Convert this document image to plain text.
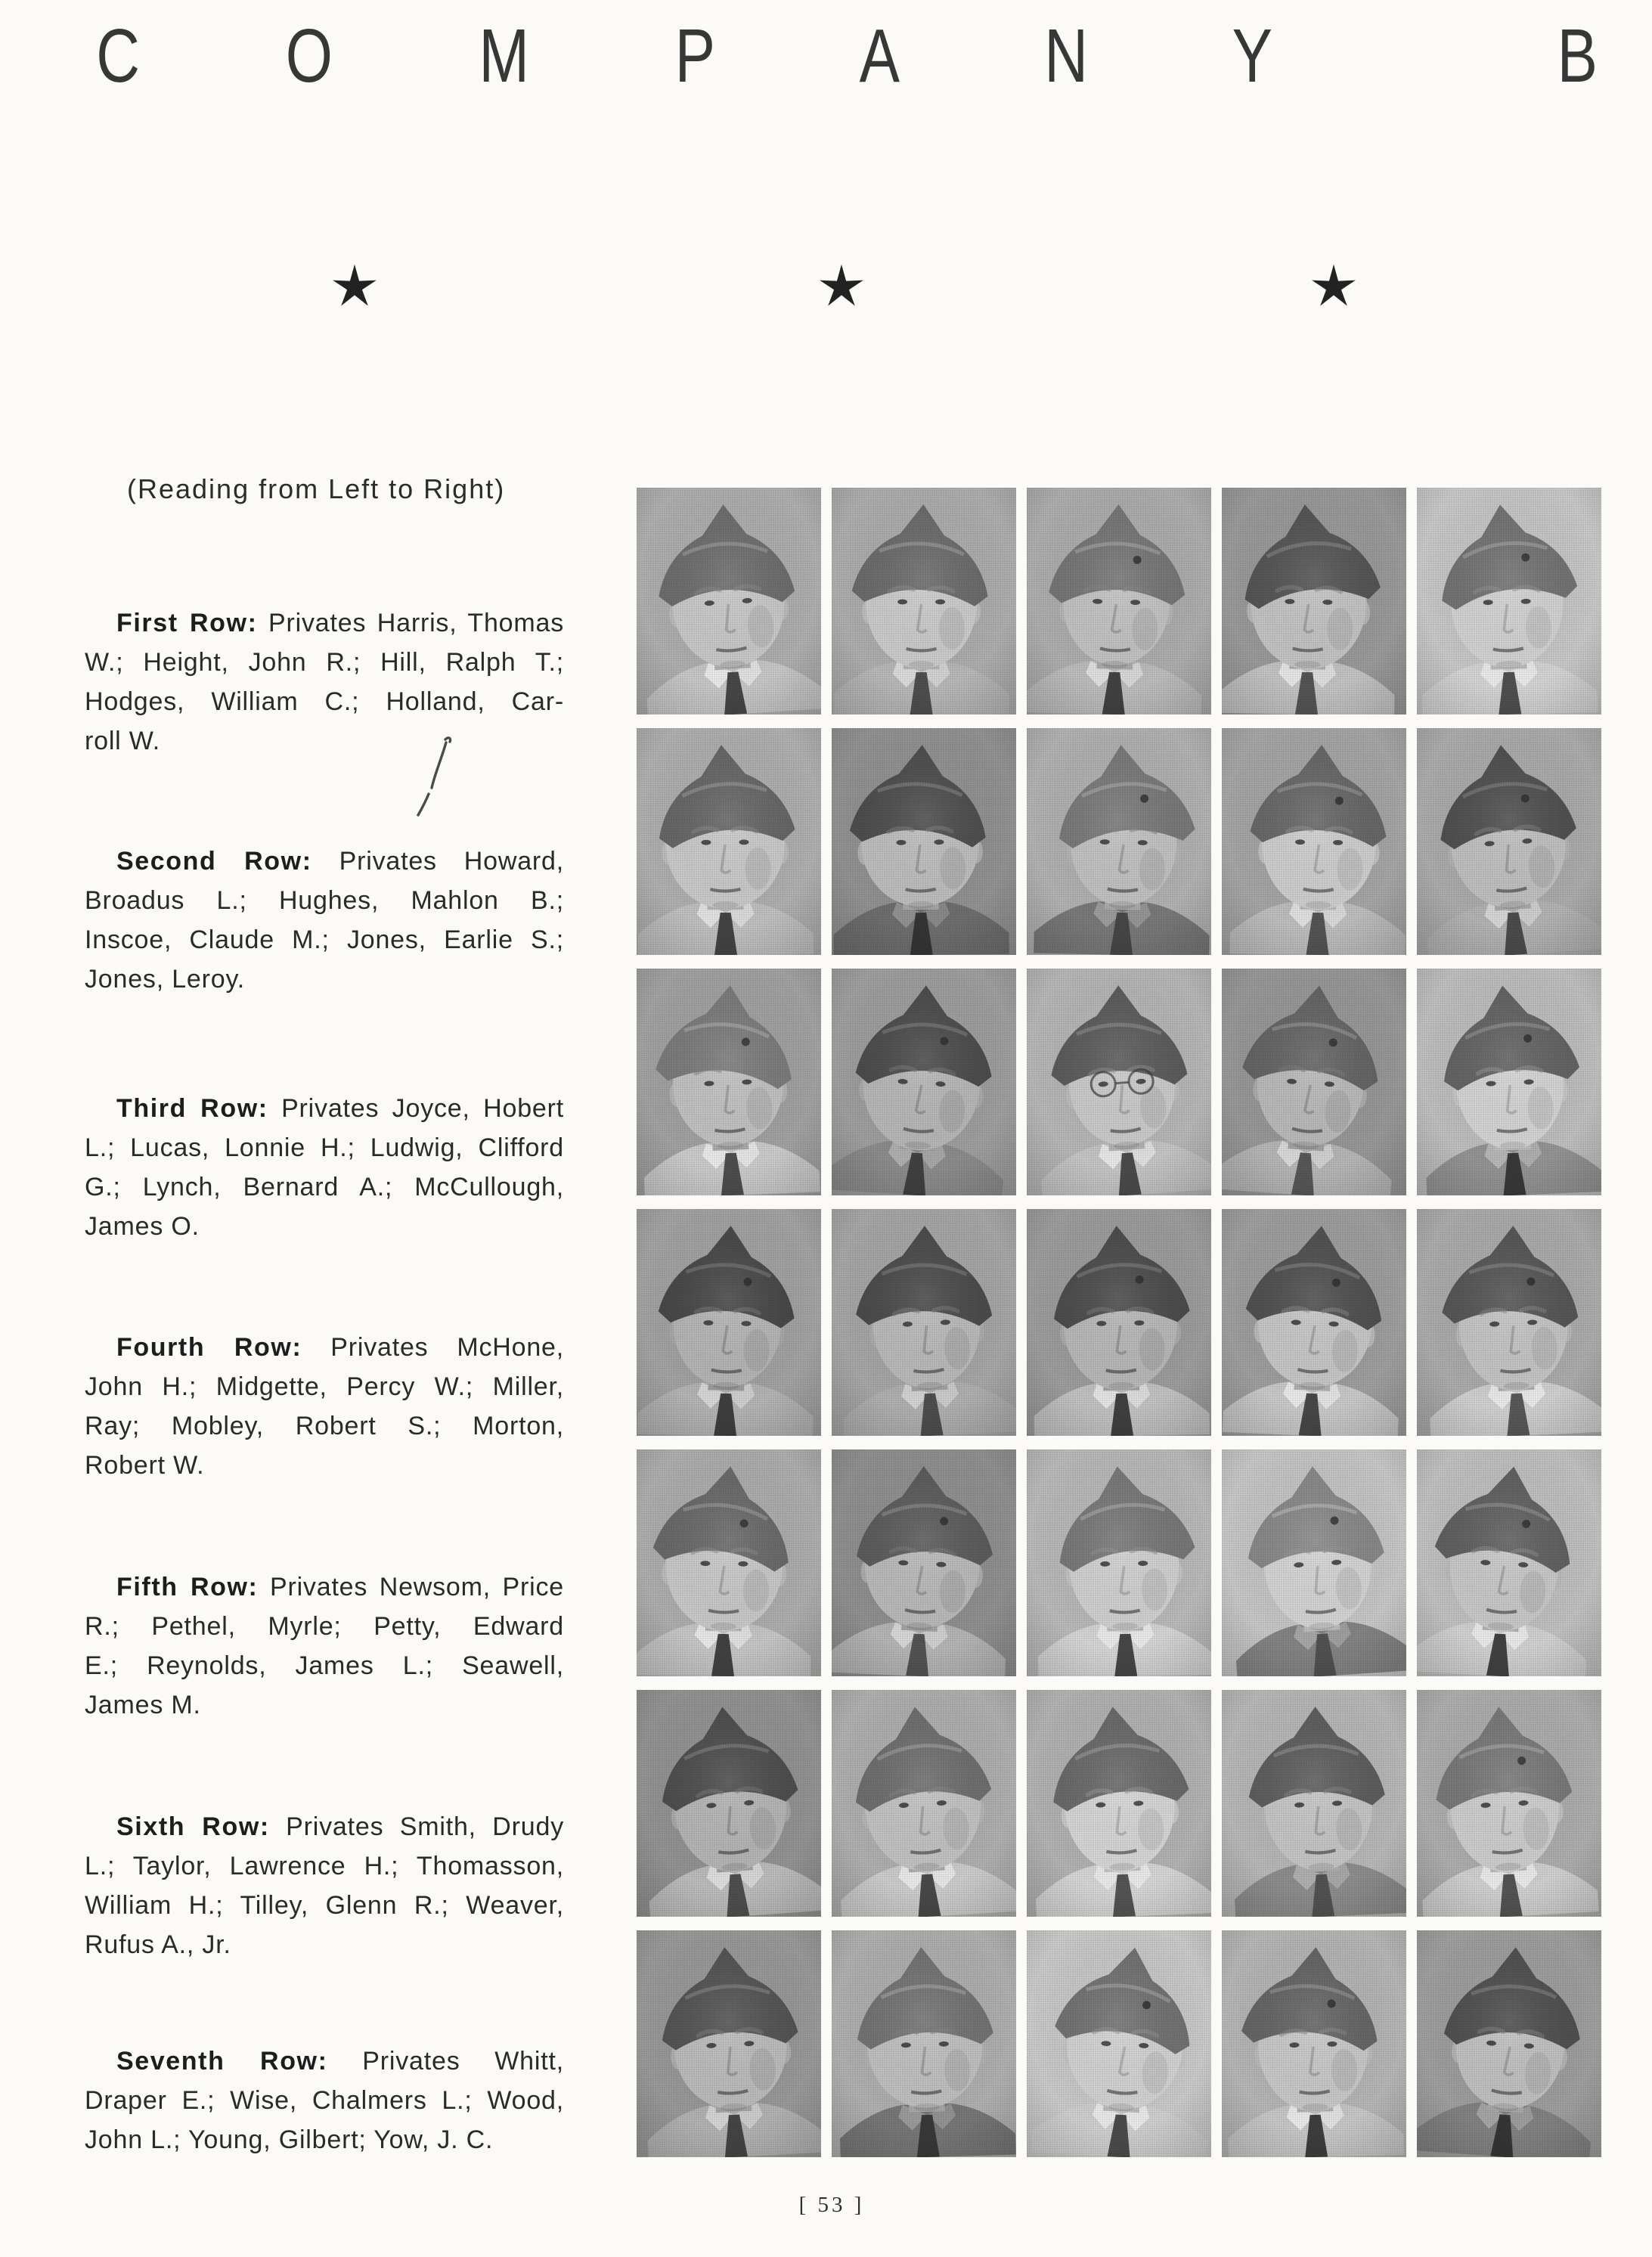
C O M P A N Y	B
(Reading from Left to Right)
First Row: Privates Harris, Thomas
W.; Height, John R.; Hill, Ralph T.;
Hodges, William C.; Holland, Car-
roll W.
Second Row: Privates Howard,
Broadus L.; Hughes, Mahlon B.;
Inscoe, Claude M.; Jones, Earlie S.;
Jones, Leroy.
Third Row: Privates Joyce, Hobert
L.; Lucas, Lonnie H.; Ludwig, Clifford
G.; Lynch, Bernard A.; McCullough,
James O.
Fourth Row: Privates McHone,
John H.; Midgette, Percy W.; Miller,
Ray; Mobley, Robert S.; Morton,
Robert W.
Fifth Row: Privates Newsom, Price
R.; Pethel, Myrle; Petty, Edward
E.; Reynolds, James L.; Seawell,
James M.
Sixth Row: Privates Smith, Drudy
L.; Taylor, Lawrence H.; Thomasson,
William H.; Tilley, Glenn R.; Weaver,
Rufus A., Jr.
Seventh Row: Privates Whitt,
Draper E.; Wise, Chalmers L.; Wood,
John L.; Young, Gilbert; Yow, J. C.
[ 53 ]
